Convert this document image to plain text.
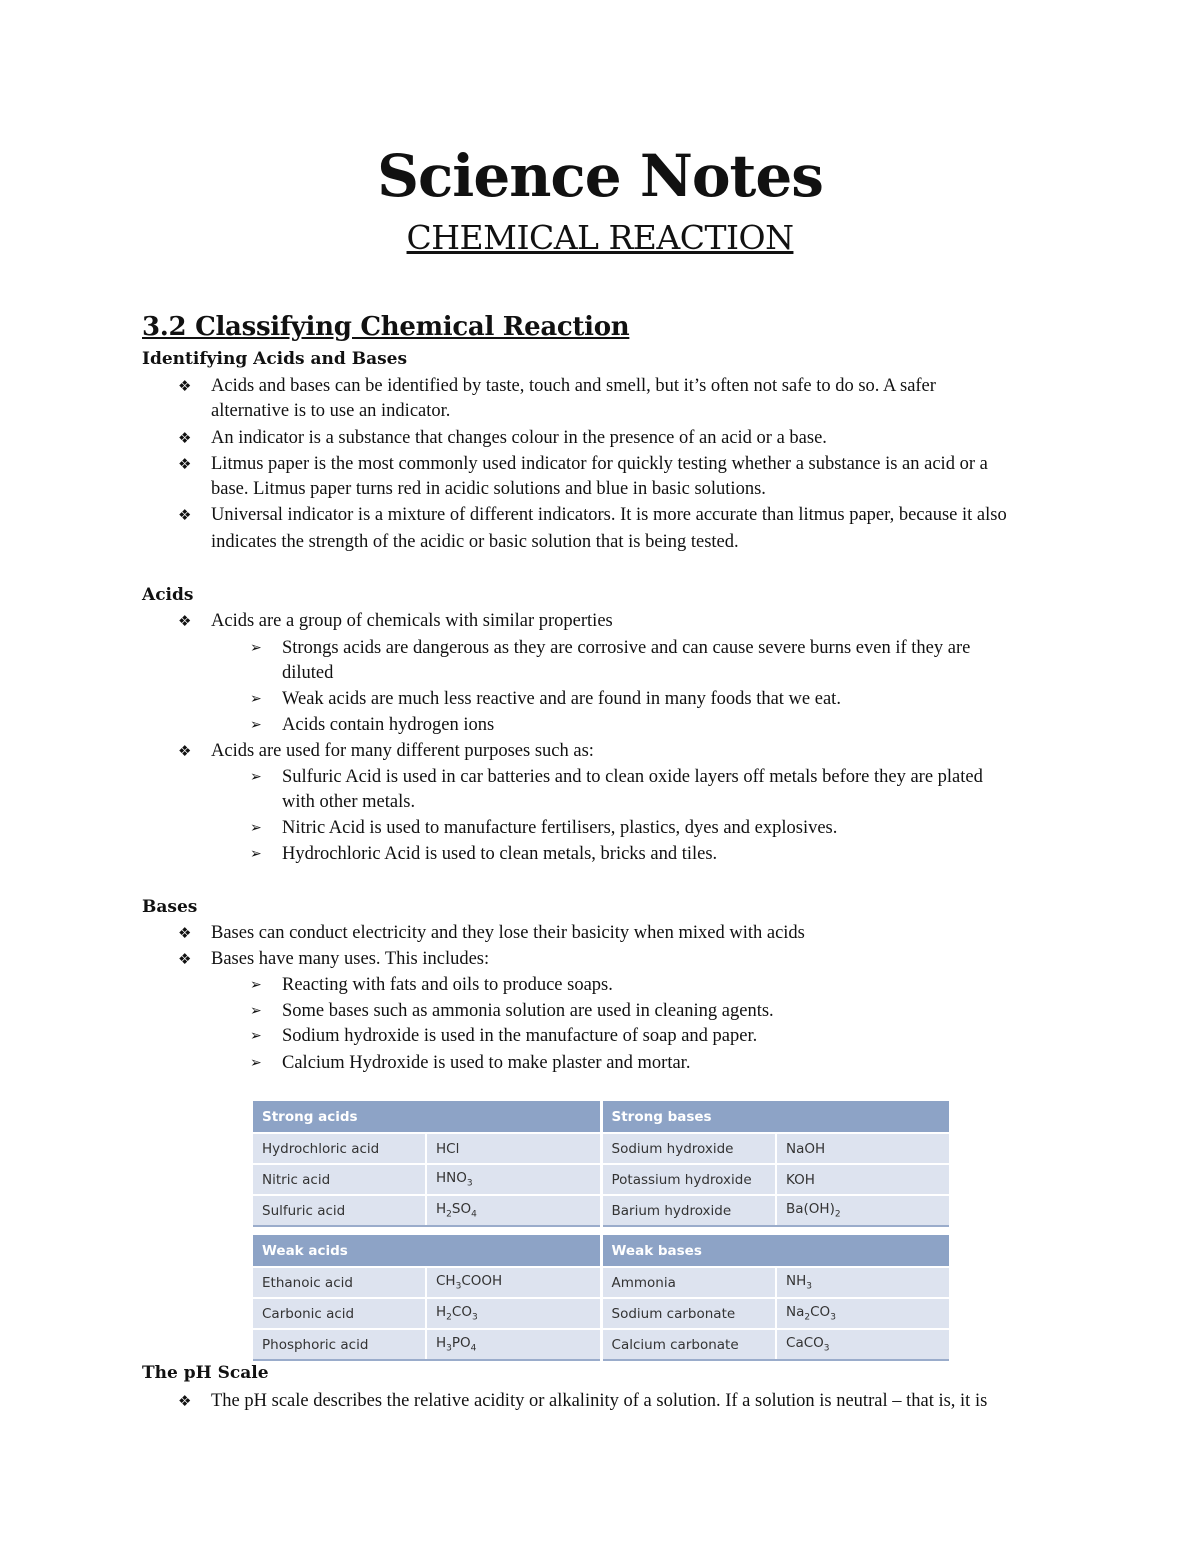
Science Notes
CHEMICAL REACTION
3.2 Classifying Chemical Reaction
Identifying Acids and Bases
❖ Acids and bases can be identified by taste, touch and smell, but it’s often not safe to do so. A safer
alternative is to use an indicator.
❖ An indicator is a substance that changes colour in the presence of an acid or a base.
❖ Litmus paper is the most commonly used indicator for quickly testing whether a substance is an acid or a
base. Litmus paper turns red in acidic solutions and blue in basic solutions.
❖ Universal indicator is a mixture of different indicators. It is more accurate than litmus paper, because it also
indicates the strength of the acidic or basic solution that is being tested.
Acids
❖ Acids are a group of chemicals with similar properties
➢ Strongs acids are dangerous as they are corrosive and can cause severe burns even if they are
diluted
➢ Weak acids are much less reactive and are found in many foods that we eat.
➢ Acids contain hydrogen ions
❖ Acids are used for many different purposes such as:
➢ Sulfuric Acid is used in car batteries and to clean oxide layers off metals before they are plated
with other metals.
➢ Nitric Acid is used to manufacture fertilisers, plastics, dyes and explosives.
➢ Hydrochloric Acid is used to clean metals, bricks and tiles.
Bases
❖ Bases can conduct electricity and they lose their basicity when mixed with acids
❖ Bases have many uses. This includes:
➢ Reacting with fats and oils to produce soaps.
➢ Some bases such as ammonia solution are used in cleaning agents.
➢ Sodium hydroxide is used in the manufacture of soap and paper.
➢ Calcium Hydroxide is used to make plaster and mortar.
Strong acids		Strong bases	
Hydrochloric acid	HCl	Sodium hydroxide	NaOH
Nitric acid	$HNO_3$	Potassium hydroxide	KOH
Sulfuric acid	$H_2SO_4$	Barium hydroxide	$Ba(OH)_2$
Weak acids		Weak bases	
Ethanoic acid	$CH_3COOH$	Ammonia	$NH_3$
Carbonic acid	$H_2CO_3$	Sodium carbonate	$Na_2CO_3$
Phosphoric acid	$H_3PO_4$	Calcium carbonate	CaCO$_3$
The pH Scale
❖ The pH scale describes the relative acidity or alkalinity of a solution. If a solution is neutral – that is, it is
